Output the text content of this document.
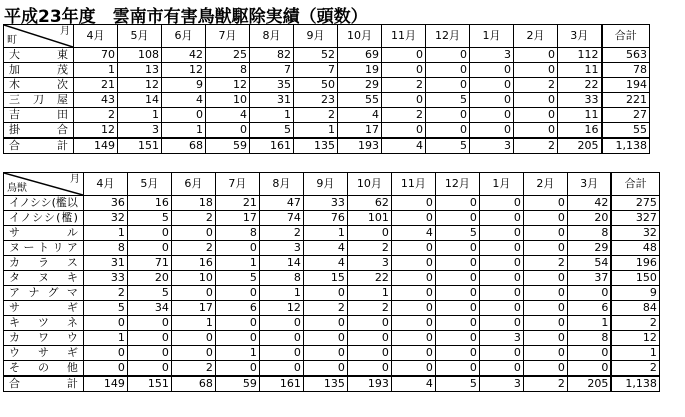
平成23年度　雲南市有害鳥獣駆除実績（頭数）
月
町	4月	5月	6月	7月	8月	9月	10月	11月	12月	1月	2月	3月	合計
大　東	70	108	42	25	82	52	69	0	0	3	0	112	563
加　茂	1	13	12	8	7	7	19	0	0	0	0	11	78
木　次	21	12	9	12	35	50	29	2	0	0	2	22	194
三刀屋	43	14	4	10	31	23	55	0	5	0	0	33	221
吉　田	2	1	0	4	1	2	4	2	0	0	0	11	27
掛　合	12	3	1	0	5	1	17	0	0	0	0	16	55
合　計	149	151	68	59	161	135	193	4	5	3	2	205	1,138
月
鳥獣	4月	5月	6月	7月	8月	9月	10月	11月	12月	1月	2月	3月	合計
イノシシ(檻以	36	16	18	21	47	33	62	0	0	0	0	42	275
イノシシ(檻)	32	5	2	17	74	76	101	0	0	0	0	20	327
サ　　ル	1	0	0	8	2	1	0	4	5	0	0	8	32
ヌートリア	8	0	2	0	3	4	2	0	0	0	0	29	48
カ ラ ス	31	71	16	1	14	4	3	0	0	0	2	54	196
タ ヌ キ	33	20	10	5	8	15	22	0	0	0	0	37	150
アナグマ	2	5	0	0	1	0	1	0	0	0	0	0	9
サ ギ	5	34	17	6	12	2	2	0	0	0	0	6	84
キ ツ ネ	0	0	1	0	0	0	0	0	0	0	0	1	2
カワウ	1	0	0	0	0	0	0	0	0	3	0	8	12
ウ サ ギ	0	0	0	1	0	0	0	0	0	0	0	0	1
そ の 他	0	0	2	0	0	0	0	0	0	0	0	0	2
合　計	149	151	68	59	161	135	193	4	5	3	2	205	1,138
